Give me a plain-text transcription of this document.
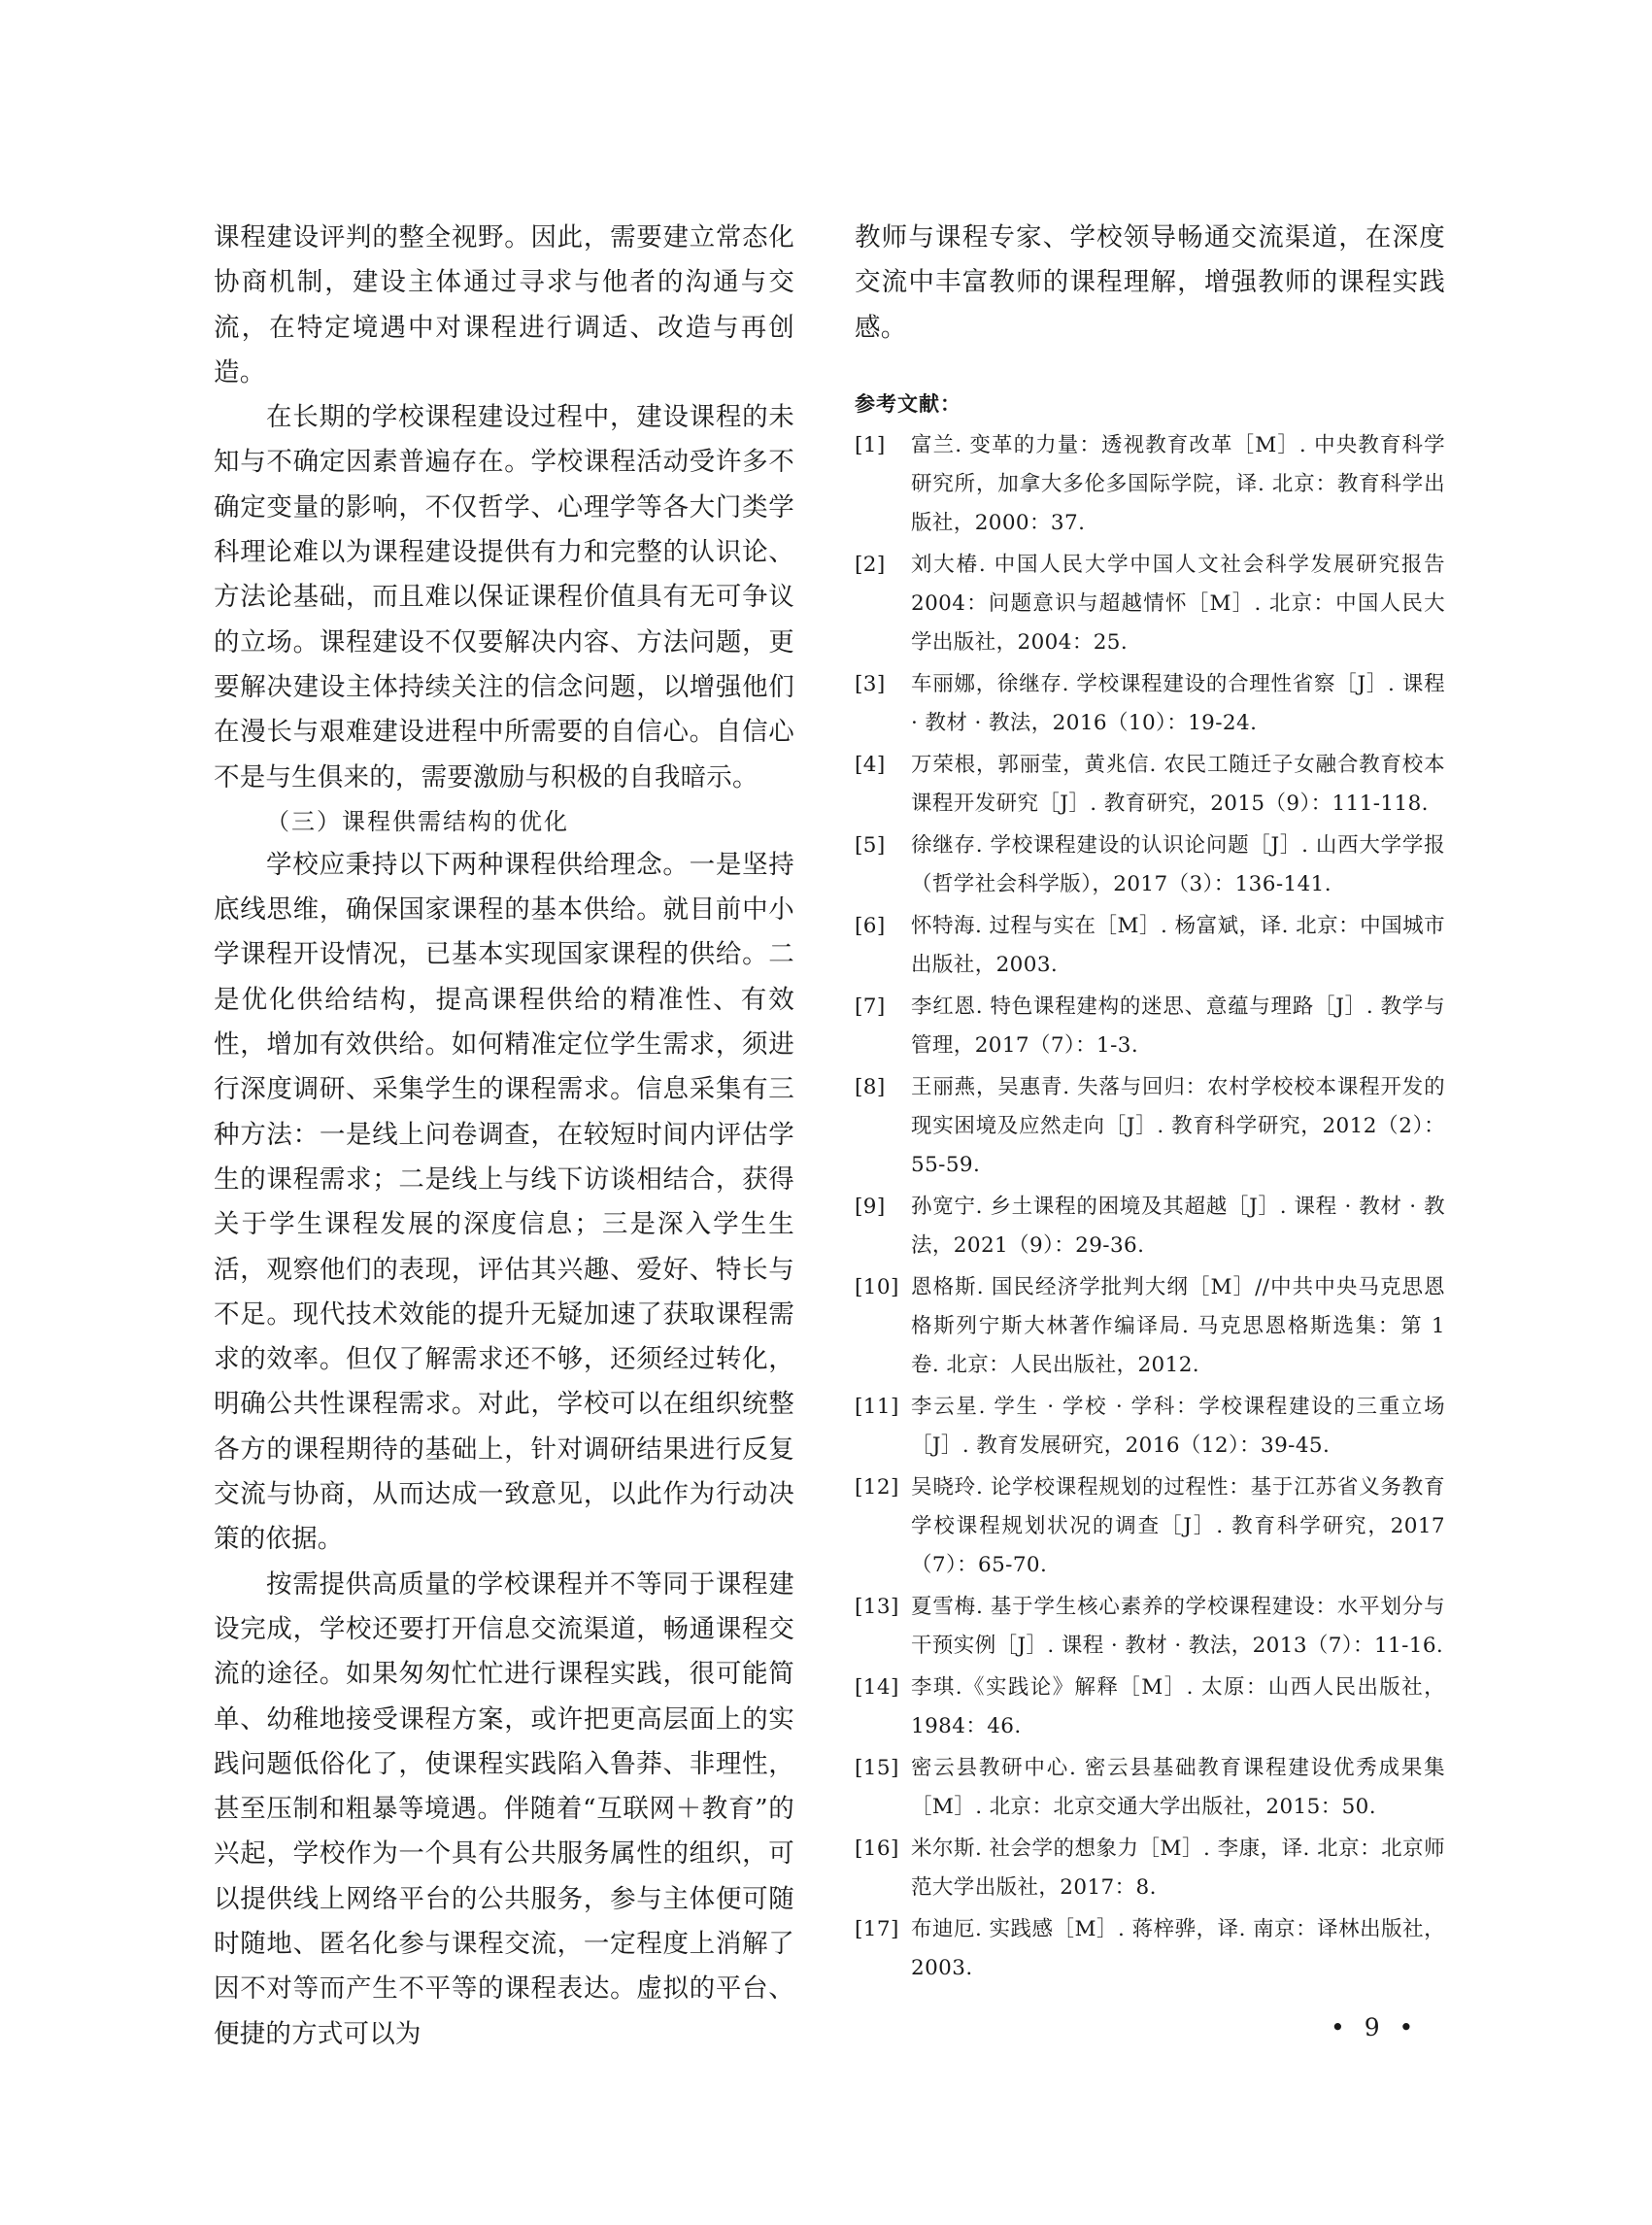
课程建设评判的整全视野。因此，需要建立常态化协商机制，建设主体通过寻求与他者的沟通与交流，在特定境遇中对课程进行调适、改造与再创造。

在长期的学校课程建设过程中，建设课程的未知与不确定因素普遍存在。学校课程活动受许多不确定变量的影响，不仅哲学、心理学等各大门类学科理论难以为课程建设提供有力和完整的认识论、方法论基础，而且难以保证课程价值具有无可争议的立场。课程建设不仅要解决内容、方法问题，更要解决建设主体持续关注的信念问题，以增强他们在漫长与艰难建设进程中所需要的自信心。自信心不是与生俱来的，需要激励与积极的自我暗示。

（三）课程供需结构的优化

学校应秉持以下两种课程供给理念。一是坚持底线思维，确保国家课程的基本供给。就目前中小学课程开设情况，已基本实现国家课程的供给。二是优化供给结构，提高课程供给的精准性、有效性，增加有效供给。如何精准定位学生需求，须进行深度调研、采集学生的课程需求。信息采集有三种方法：一是线上问卷调查，在较短时间内评估学生的课程需求；二是线上与线下访谈相结合，获得关于学生课程发展的深度信息；三是深入学生生活，观察他们的表现，评估其兴趣、爱好、特长与不足。现代技术效能的提升无疑加速了获取课程需求的效率。但仅了解需求还不够，还须经过转化，明确公共性课程需求。对此，学校可以在组织统整各方的课程期待的基础上，针对调研结果进行反复交流与协商，从而达成一致意见，以此作为行动决策的依据。

按需提供高质量的学校课程并不等同于课程建设完成，学校还要打开信息交流渠道，畅通课程交流的途径。如果匆匆忙忙进行课程实践，很可能简单、幼稚地接受课程方案，或许把更高层面上的实践问题低俗化了，使课程实践陷入鲁莽、非理性，甚至压制和粗暴等境遇。伴随着“互联网＋教育”的兴起，学校作为一个具有公共服务属性的组织，可以提供线上网络平台的公共服务，参与主体便可随时随地、匿名化参与课程交流，一定程度上消解了因不对等而产生不平等的课程表达。虚拟的平台、便捷的方式可以为

教师与课程专家、学校领导畅通交流渠道，在深度交流中丰富教师的课程理解，增强教师的课程实践感。

参考文献：
[1] 富兰. 变革的力量：透视教育改革［M］. 中央教育科学研究所，加拿大多伦多国际学院，译. 北京：教育科学出版社，2000：37.
[2] 刘大椿. 中国人民大学中国人文社会科学发展研究报告 2004：问题意识与超越情怀［M］. 北京：中国人民大学出版社，2004：25.
[3] 车丽娜，徐继存. 学校课程建设的合理性省察［J］. 课程 · 教材 · 教法，2016（10）：19-24.
[4] 万荣根，郭丽莹，黄兆信. 农民工随迁子女融合教育校本课程开发研究［J］. 教育研究，2015（9）：111-118.
[5] 徐继存. 学校课程建设的认识论问题［J］. 山西大学学报（哲学社会科学版），2017（3）：136-141.
[6] 怀特海. 过程与实在［M］. 杨富斌，译. 北京：中国城市出版社，2003.
[7] 李红恩. 特色课程建构的迷思、意蕴与理路［J］. 教学与管理，2017（7）：1-3.
[8] 王丽燕，吴惠青. 失落与回归：农村学校校本课程开发的现实困境及应然走向［J］. 教育科学研究，2012（2）：55-59.
[9] 孙宽宁. 乡土课程的困境及其超越［J］. 课程 · 教材 · 教法，2021（9）：29-36.
[10] 恩格斯. 国民经济学批判大纲［M］//中共中央马克思恩格斯列宁斯大林著作编译局. 马克思恩格斯选集：第 1 卷. 北京：人民出版社，2012.
[11] 李云星. 学生 · 学校 · 学科：学校课程建设的三重立场［J］. 教育发展研究，2016（12）：39-45.
[12] 吴晓玲. 论学校课程规划的过程性：基于江苏省义务教育学校课程规划状况的调查［J］. 教育科学研究，2017（7）：65-70.
[13] 夏雪梅. 基于学生核心素养的学校课程建设：水平划分与干预实例［J］. 课程 · 教材 · 教法，2013（7）：11-16.
[14] 李琪.《实践论》解释［M］. 太原：山西人民出版社，1984：46.
[15] 密云县教研中心. 密云县基础教育课程建设优秀成果集［M］. 北京：北京交通大学出版社，2015：50.
[16] 米尔斯. 社会学的想象力［M］. 李康，译. 北京：北京师范大学出版社，2017：8.
[17] 布迪厄. 实践感［M］. 蒋梓骅，译. 南京：译林出版社，2003.
• 9 •
